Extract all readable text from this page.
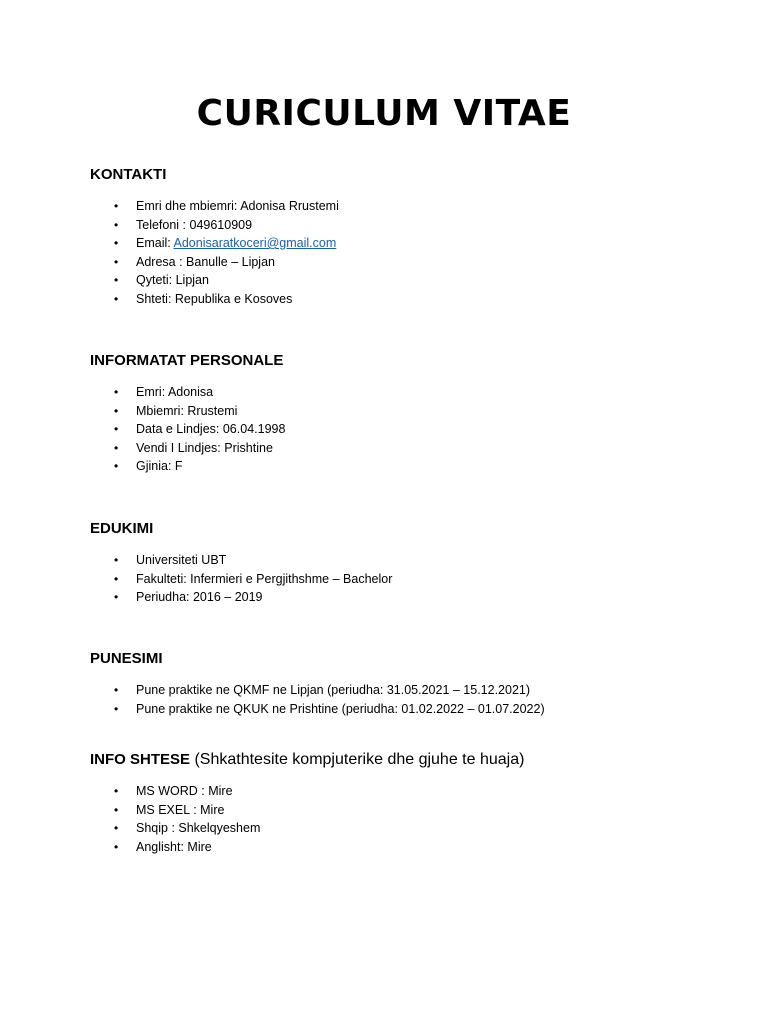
CURICULUM VITAE
KONTAKTI
• Emri dhe mbiemri: Adonisa Rrustemi
• Telefoni : 049610909
• Email: Adonisaratkoceri@gmail.com
• Adresa : Banulle – Lipjan
• Qyteti: Lipjan
• Shteti: Republika e Kosoves
INFORMATAT PERSONALE
• Emri: Adonisa
• Mbiemri: Rrustemi
• Data e Lindjes: 06.04.1998
• Vendi I Lindjes: Prishtine
• Gjinia: F
EDUKIMI
• Universiteti UBT
• Fakulteti: Infermieri e Pergjithshme – Bachelor
• Periudha: 2016 – 2019
PUNESIMI
• Pune praktike ne QKMF ne Lipjan (periudha: 31.05.2021 – 15.12.2021)
• Pune praktike ne QKUK ne Prishtine (periudha: 01.02.2022 – 01.07.2022)
INFO SHTESE (Shkathtesite kompjuterike dhe gjuhe te huaja)
• MS WORD : Mire
• MS EXEL : Mire
• Shqip : Shkelqyeshem
• Anglisht: Mire
